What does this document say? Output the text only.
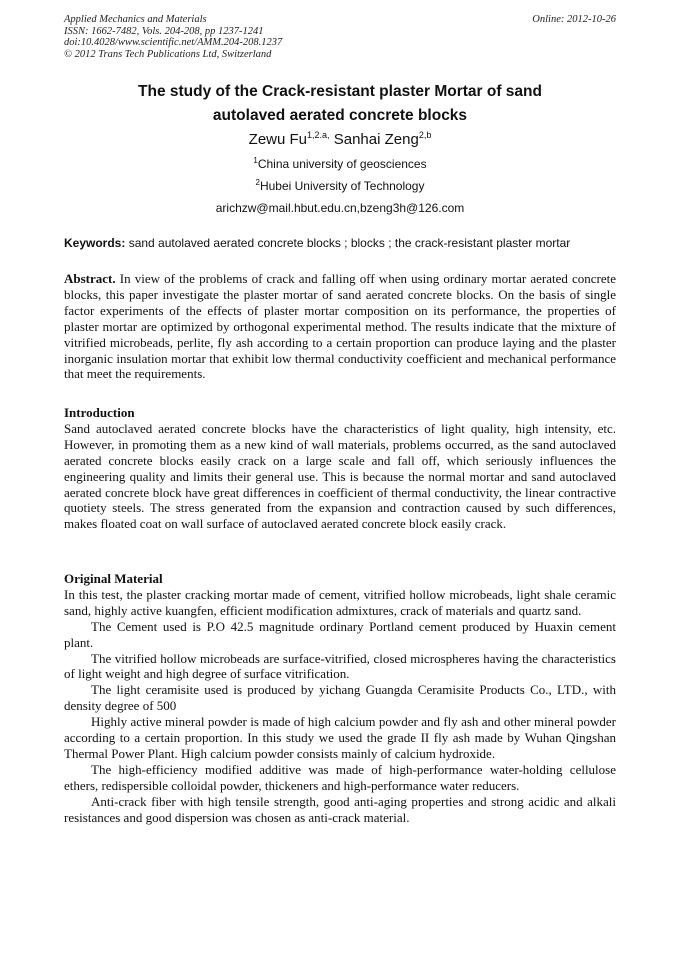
Applied Mechanics and Materials	Online: 2012-10-26
ISSN: 1662-7482, Vols. 204-208, pp 1237-1241
doi:10.4028/www.scientific.net/AMM.204-208.1237
© 2012 Trans Tech Publications Ltd, Switzerland
The study of the Crack-resistant plaster Mortar of sand
autolaved aerated concrete blocks
Zewu $Fu^{1,2.a,}$ Sanhai Zeng$^{2,b}$
$^1$China university of geosciences
$^2$Hubei University of Technology
arichzw@mail.hbut.edu.cn,bzeng3h@126.com
Keywords: sand autolaved aerated concrete blocks ; blocks ; the crack-resistant plaster mortar

Abstract. In view of the problems of crack and falling off when using ordinary mortar aerated concrete blocks, this paper investigate the plaster mortar of sand aerated concrete blocks. On the basis of single factor experiments of the effects of plaster mortar composition on its performance, the properties of plaster mortar are optimized by orthogonal experimental method. The results indicate that the mixture of vitrified microbeads, perlite, fly ash according to a certain proportion can produce laying and the plaster inorganic insulation mortar that exhibit low thermal conductivity coefficient and mechanical performance that meet the requirements.

Introduction

Sand autoclaved aerated concrete blocks have the characteristics of light quality, high intensity, etc. However, in promoting them as a new kind of wall materials, problems occurred, as the sand autoclaved aerated concrete blocks easily crack on a large scale and fall off, which seriously influences the engineering quality and limits their general use. This is because the normal mortar and sand autoclaved aerated concrete block have great differences in coefficient of thermal conductivity, the linear contractive quotiety steels. The stress generated from the expansion and contraction caused by such differences, makes floated coat on wall surface of autoclaved aerated concrete block easily crack.

Original Material

In this test, the plaster cracking mortar made of cement, vitrified hollow microbeads, light shale ceramic sand, highly active kuangfen, efficient modification admixtures, crack of materials and quartz sand.

The Cement used is P.O 42.5 magnitude ordinary Portland cement produced by Huaxin cement plant.

The vitrified hollow microbeads are surface-vitrified, closed microspheres having the characteristics of light weight and high degree of surface vitrification.

The light ceramisite used is produced by yichang Guangda Ceramisite Products Co., LTD., with density degree of 500

Highly active mineral powder is made of high calcium powder and fly ash and other mineral powder according to a certain proportion. In this study we used the grade II fly ash made by Wuhan Qingshan Thermal Power Plant. High calcium powder consists mainly of calcium hydroxide.

The high-efficiency modified additive was made of high-performance water-holding cellulose ethers, redispersible colloidal powder, thickeners and high-performance water reducers.

Anti-crack fiber with high tensile strength, good anti-aging properties and strong acidic and alkali resistances and good dispersion was chosen as anti-crack material.
